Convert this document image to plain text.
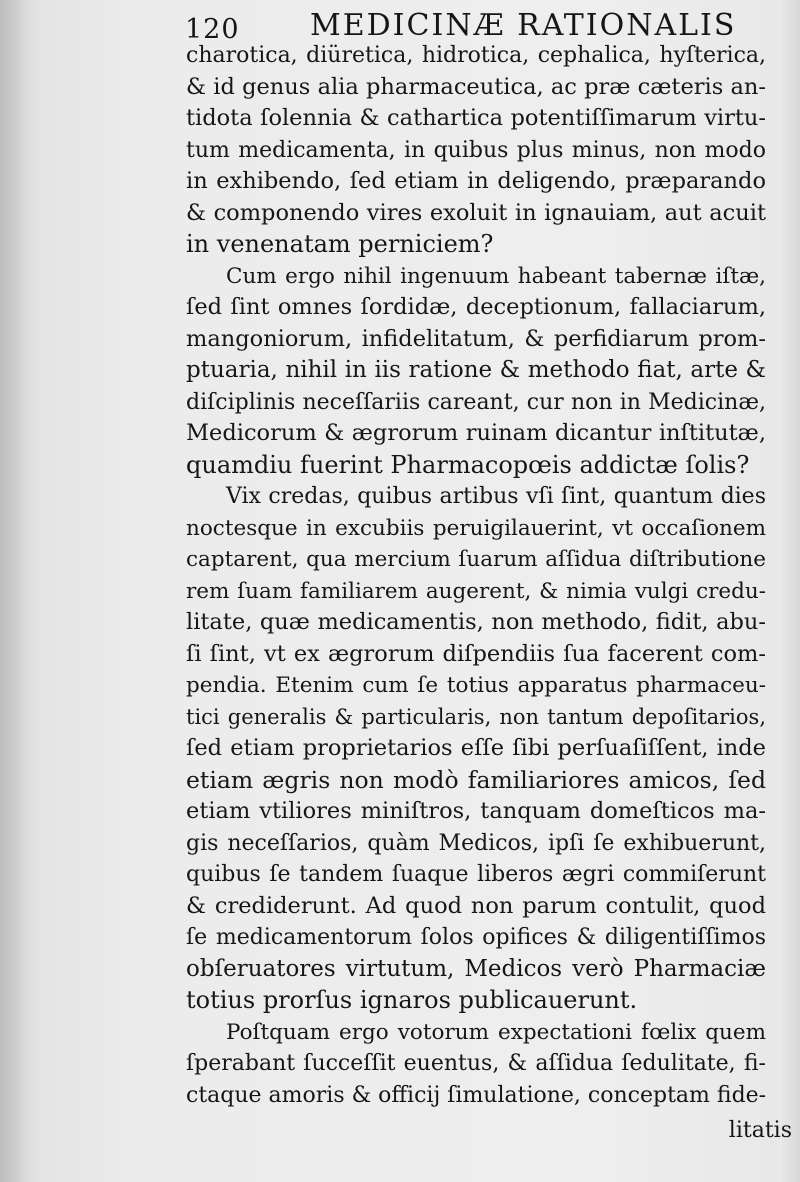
120 MEDICINÆ RATIONALIS
charotica, diüretica, hidrotica, cephalica, hyſterica,
& id genus alia pharmaceutica, ac præ cæteris an-
tidota ſolennia & cathartica potentiſſimarum virtu-
tum medicamenta, in quibus plus minus, non modo
in exhibendo, ſed etiam in deligendo, præparando
& componendo vires exoluit in ignauiam, aut acuit
in venenatam perniciem?
Cum ergo nihil ingenuum habeant tabernæ iſtæ,
ſed ſint omnes ſordidæ, deceptionum, fallaciarum,
mangoniorum, infidelitatum, & perfidiarum prom-
ptuaria, nihil in iis ratione & methodo fiat, arte &
diſciplinis neceſſariis careant, cur non in Medicinæ,
Medicorum & ægrorum ruinam dicantur inſtitutæ,
quamdiu fuerint Pharmacopœis addictæ ſolis?
Vix credas, quibus artibus vſi ſint, quantum dies
noctesque in excubiis peruigilauerint, vt occaſionem
captarent, qua mercium ſuarum aſſidua diſtributione
rem ſuam familiarem augerent, & nimia vulgi credu-
litate, quæ medicamentis, non methodo, fidit, abu-
ſi ſint, vt ex ægrorum diſpendiis ſua facerent com-
pendia. Etenim cum ſe totius apparatus pharmaceu-
tici generalis & particularis, non tantum depoſitarios,
ſed etiam proprietarios eſſe ſibi perſuaſiſſent, inde
etiam ægris non modò familiariores amicos, ſed
etiam vtiliores miniſtros, tanquam domeſticos ma-
gis neceſſarios, quàm Medicos, ipſi ſe exhibuerunt,
quibus ſe tandem ſuaque liberos ægri commiſerunt
& crediderunt. Ad quod non parum contulit, quod
ſe medicamentorum ſolos opifices & diligentiſſimos
obſeruatores virtutum, Medicos verò Pharmaciæ
totius prorſus ignaros publicauerunt.
Poſtquam ergo votorum expectationi fœlix quem
ſperabant ſucceſſit euentus, & aſſidua ſedulitate, fi-
ctaque amoris & officij ſimulatione, conceptam fide-
litatis
